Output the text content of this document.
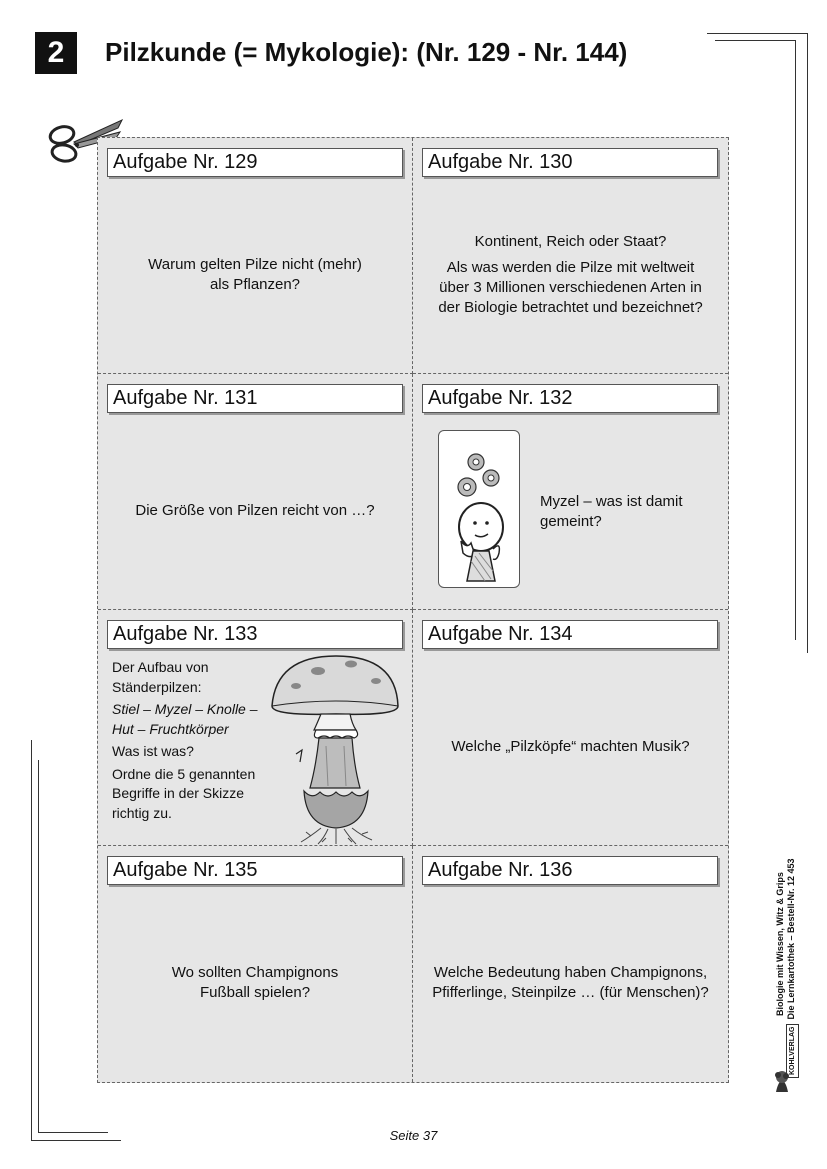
2	Pilzkunde (= Mykologie): (Nr. 129 - Nr. 144)
Aufgabe Nr. 129
Warum gelten Pilze nicht (mehr)
als Pflanzen?
Aufgabe Nr. 130

Kontinent, Reich oder Staat?

Als was werden die Pilze mit weltweit über 3 Millionen verschiedenen Arten in der Biologie betrachtet und bezeichnet?

Aufgabe Nr. 131
Die Größe von Pilzen reicht von …?
Aufgabe Nr. 132
Myzel – was ist damit gemeint?
Aufgabe Nr. 133

Der Aufbau von Ständerpilzen:

Stiel – Myzel – Knolle – Hut – Fruchtkörper

Was ist was?

Ordne die 5 genannten Begriffe in der Skizze richtig zu.

Aufgabe Nr. 134
Welche „Pilzköpfe“ machten Musik?
Aufgabe Nr. 135
Wo sollten Champignons
Fußball spielen?
Aufgabe Nr. 136
Welche Bedeutung haben Champignons, Pfifferlinge, Steinpilze … (für Menschen)?	Biologie mit Wissen, Witz & Grips
KOHLVERLAGDie Lernkartothek – Bestell-Nr. 12 453
Seite 37
